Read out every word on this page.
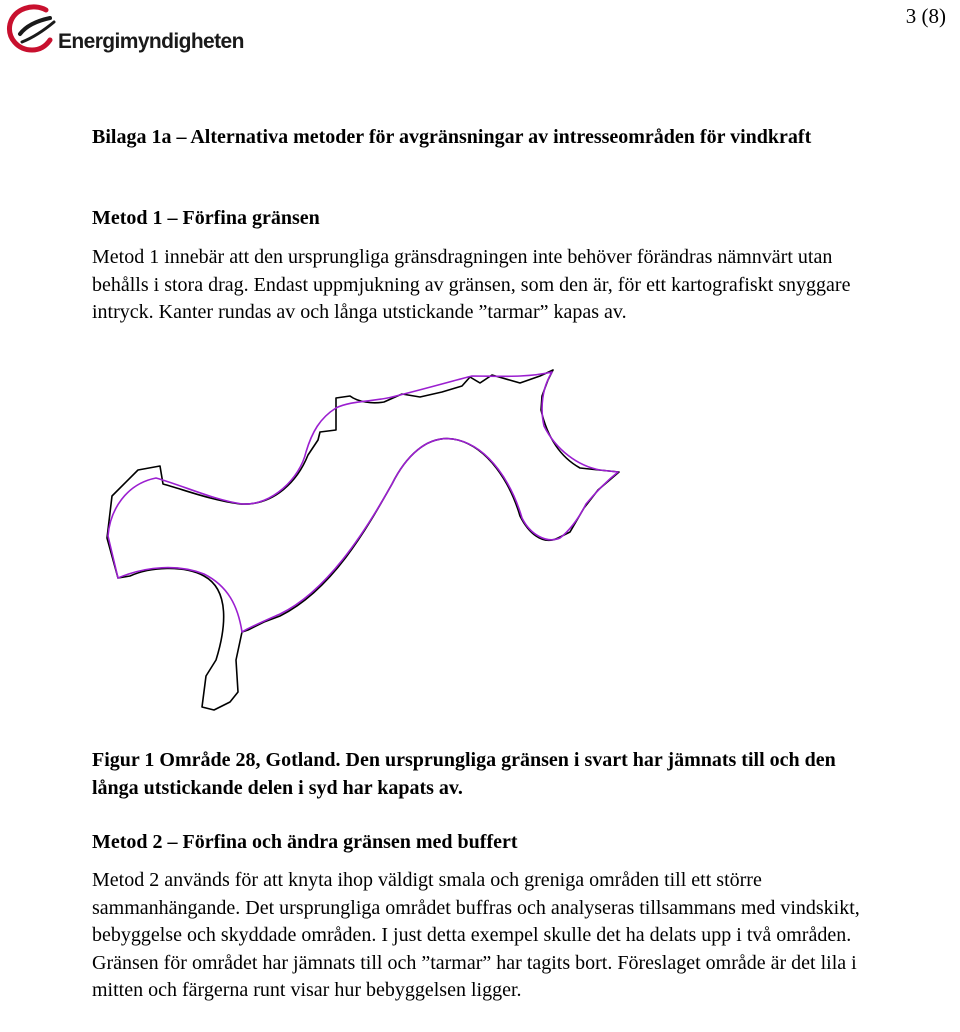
Energimyndigheten
3 (8)
Bilaga 1a – Alternativa metoder för avgränsningar av intresseområden för vindkraft
Metod 1 – Förfina gränsen
Metod 1 innebär att den ursprungliga gränsdragningen inte behöver förändras nämnvärt utan behålls i stora drag. Endast uppmjukning av gränsen, som den är, för ett kartografiskt snyggare intryck. Kanter rundas av och långa utstickande ”tarmar” kapas av.
Figur 1 Område 28, Gotland. Den ursprungliga gränsen i svart har jämnats till och den långa utstickande delen i syd har kapats av.
Metod 2 – Förfina och ändra gränsen med buffert
Metod 2 används för att knyta ihop väldigt smala och greniga områden till ett större sammanhängande. Det ursprungliga området buffras och analyseras tillsammans med vindskikt, bebyggelse och skyddade områden. I just detta exempel skulle det ha delats upp i två områden. Gränsen för området har jämnats till och ”tarmar” har tagits bort. Föreslaget område är det lila i mitten och färgerna runt visar hur bebyggelsen ligger.
